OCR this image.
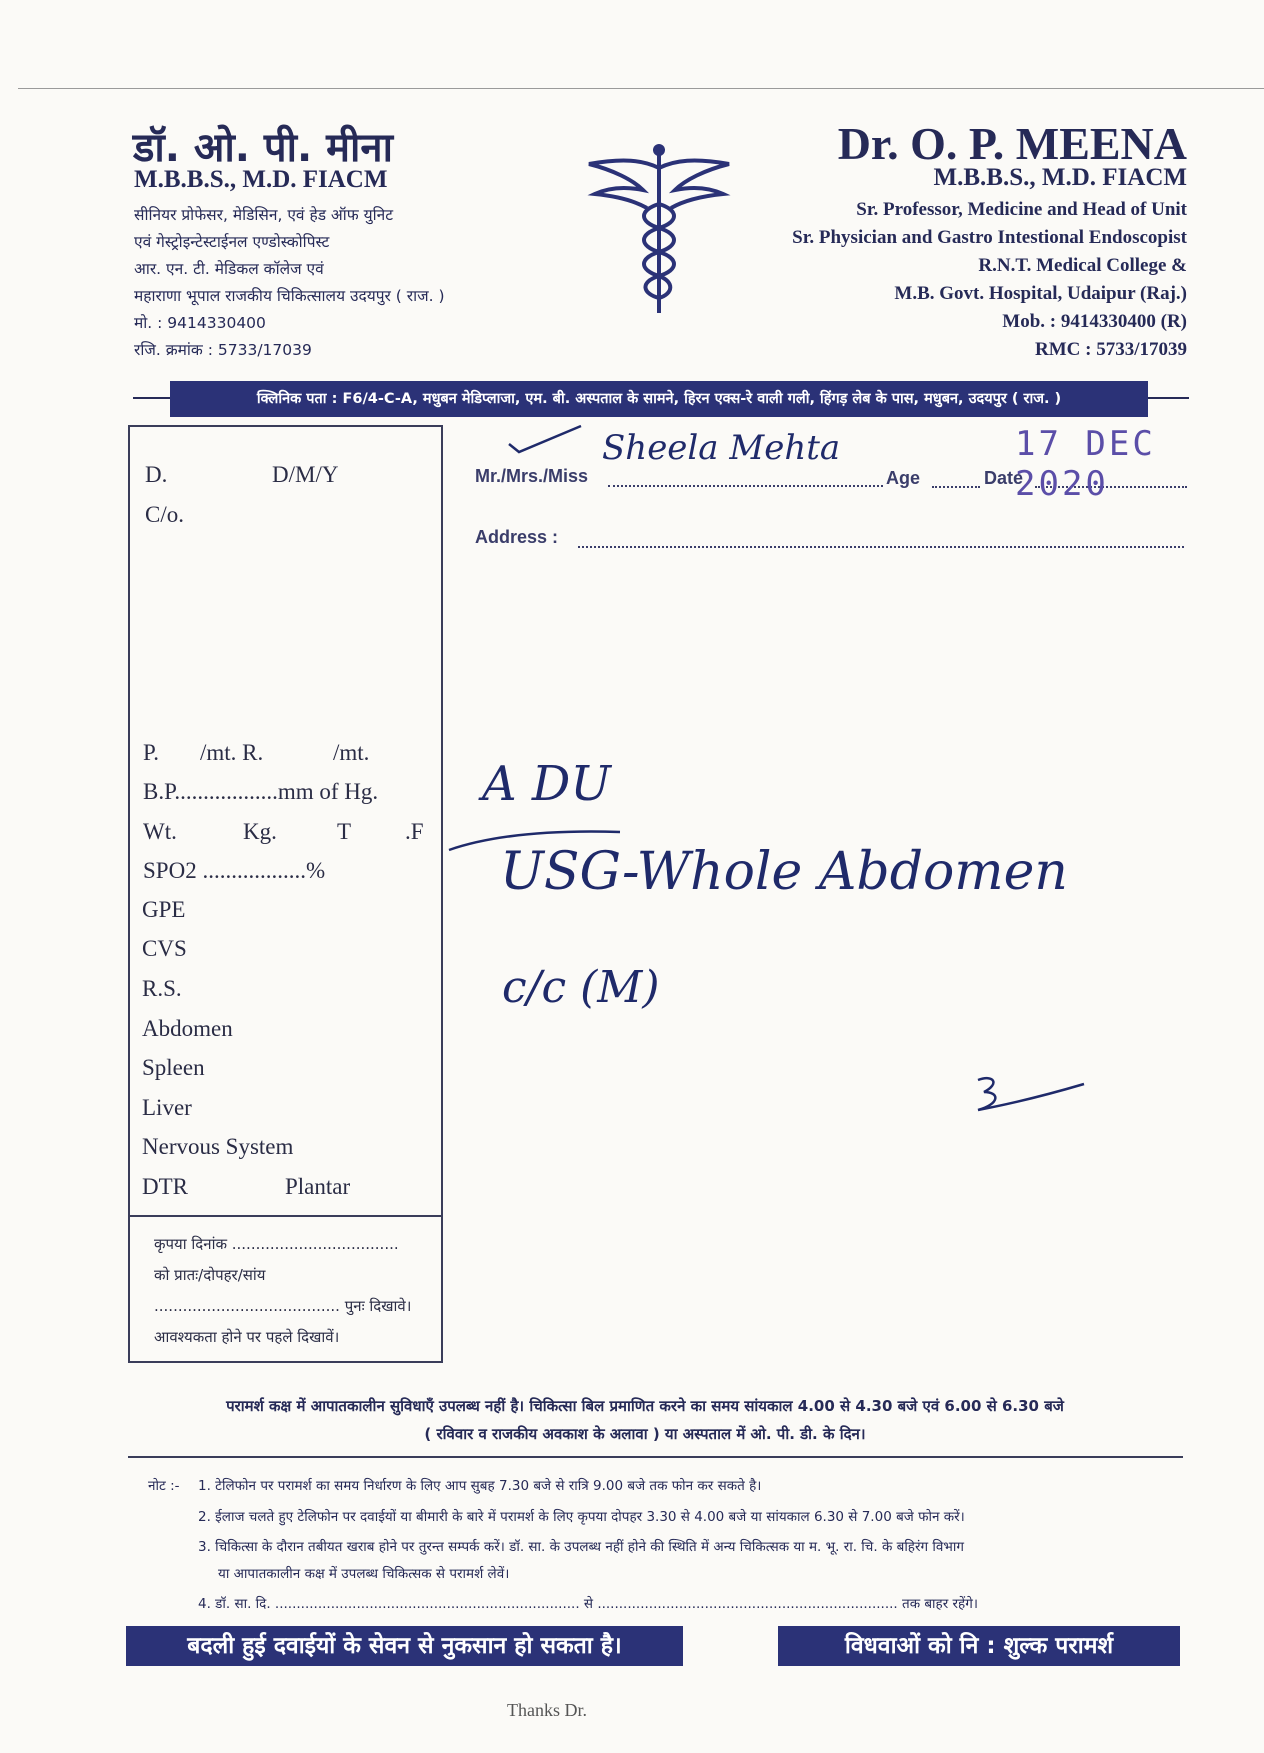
डॉ. ओ. पी. मीना
M.B.B.S., M.D. FIACM
सीनियर प्रोफेसर, मेडिसिन, एवं हेड ऑफ युनिट
एवं गेस्ट्रोइन्टेस्टाईनल एण्डोस्कोपिस्ट
आर. एन. टी. मेडिकल कॉलेज एवं
महाराणा भूपाल राजकीय चिकित्सालय उदयपुर ( राज. )
मो. : 9414330400
रजि. क्रमांक : 5733/17039
Dr. O. P. MEENA
M.B.B.S., M.D. FIACM
Sr. Professor, Medicine and Head of Unit
Sr. Physician and Gastro Intestional Endoscopist
R.N.T. Medical College &
M.B. Govt. Hospital, Udaipur (Raj.)
Mob. : 9414330400 (R)
RMC : 5733/17039
क्लिनिक पता : F6/4-C-A, मधुबन मेडिप्लाजा, एम. बी. अस्पताल के सामने, हिरन एक्स-रे वाली गली, हिंगड़ लेब के पास, मधुबन, उदयपुर ( राज. )
D.	D/M/Y
C/o.
P. /mt. R.	/mt.
B.P..................mm of Hg.
Wt.	Kg.	T .F
SPO2 ..................%
GPE
CVS
R.S.
Abdomen
Spleen
Liver
Nervous System
DTR	Plantar
कृपया दिनांक ...................................
को प्रातः/दोपहर/सांय
....................................... पुनः दिखावे।
आवश्यकता होने पर पहले दिखावें।
Mr./Mrs./Miss	Age	Date
Address :
Sheela Mehta	17 DEC 2020
A DU
USG-Whole Abdomen
c/c (M)
परामर्श कक्ष में आपातकालीन सुविधाएँ उपलब्ध नहीं है। चिकित्सा बिल प्रमाणित करने का समय सांयकाल 4.00 से 4.30 बजे एवं 6.00 से 6.30 बजे
( रविवार व राजकीय अवकाश के अलावा ) या अस्पताल में ओ. पी. डी. के दिन।
नोट :- 1. टेलिफोन पर परामर्श का समय निर्धारण के लिए आप सुबह 7.30 बजे से रात्रि 9.00 बजे तक फोन कर सकते है।
2. ईलाज चलते हुए टेलिफोन पर दवाईयों या बीमारी के बारे में परामर्श के लिए कृपया दोपहर 3.30 से 4.00 बजे या सांयकाल 6.30 से 7.00 बजे फोन करें।
3. चिकित्सा के दौरान तबीयत खराब होने पर तुरन्त सम्पर्क करें। डॉ. सा. के उपलब्ध नहीं होने की स्थिति में अन्य चिकित्सक या म. भू. रा. चि. के बहिरंग विभाग
या आपातकालीन कक्ष में उपलब्ध चिकित्सक से परामर्श लेवें।
4. डॉ. सा. दि. ....................................................................... से ...................................................................... तक बाहर रहेंगे।
बदली हुई दवाईयों के सेवन से नुकसान हो सकता है।	विधवाओं को नि : शुल्क परामर्श
Thanks Dr.
